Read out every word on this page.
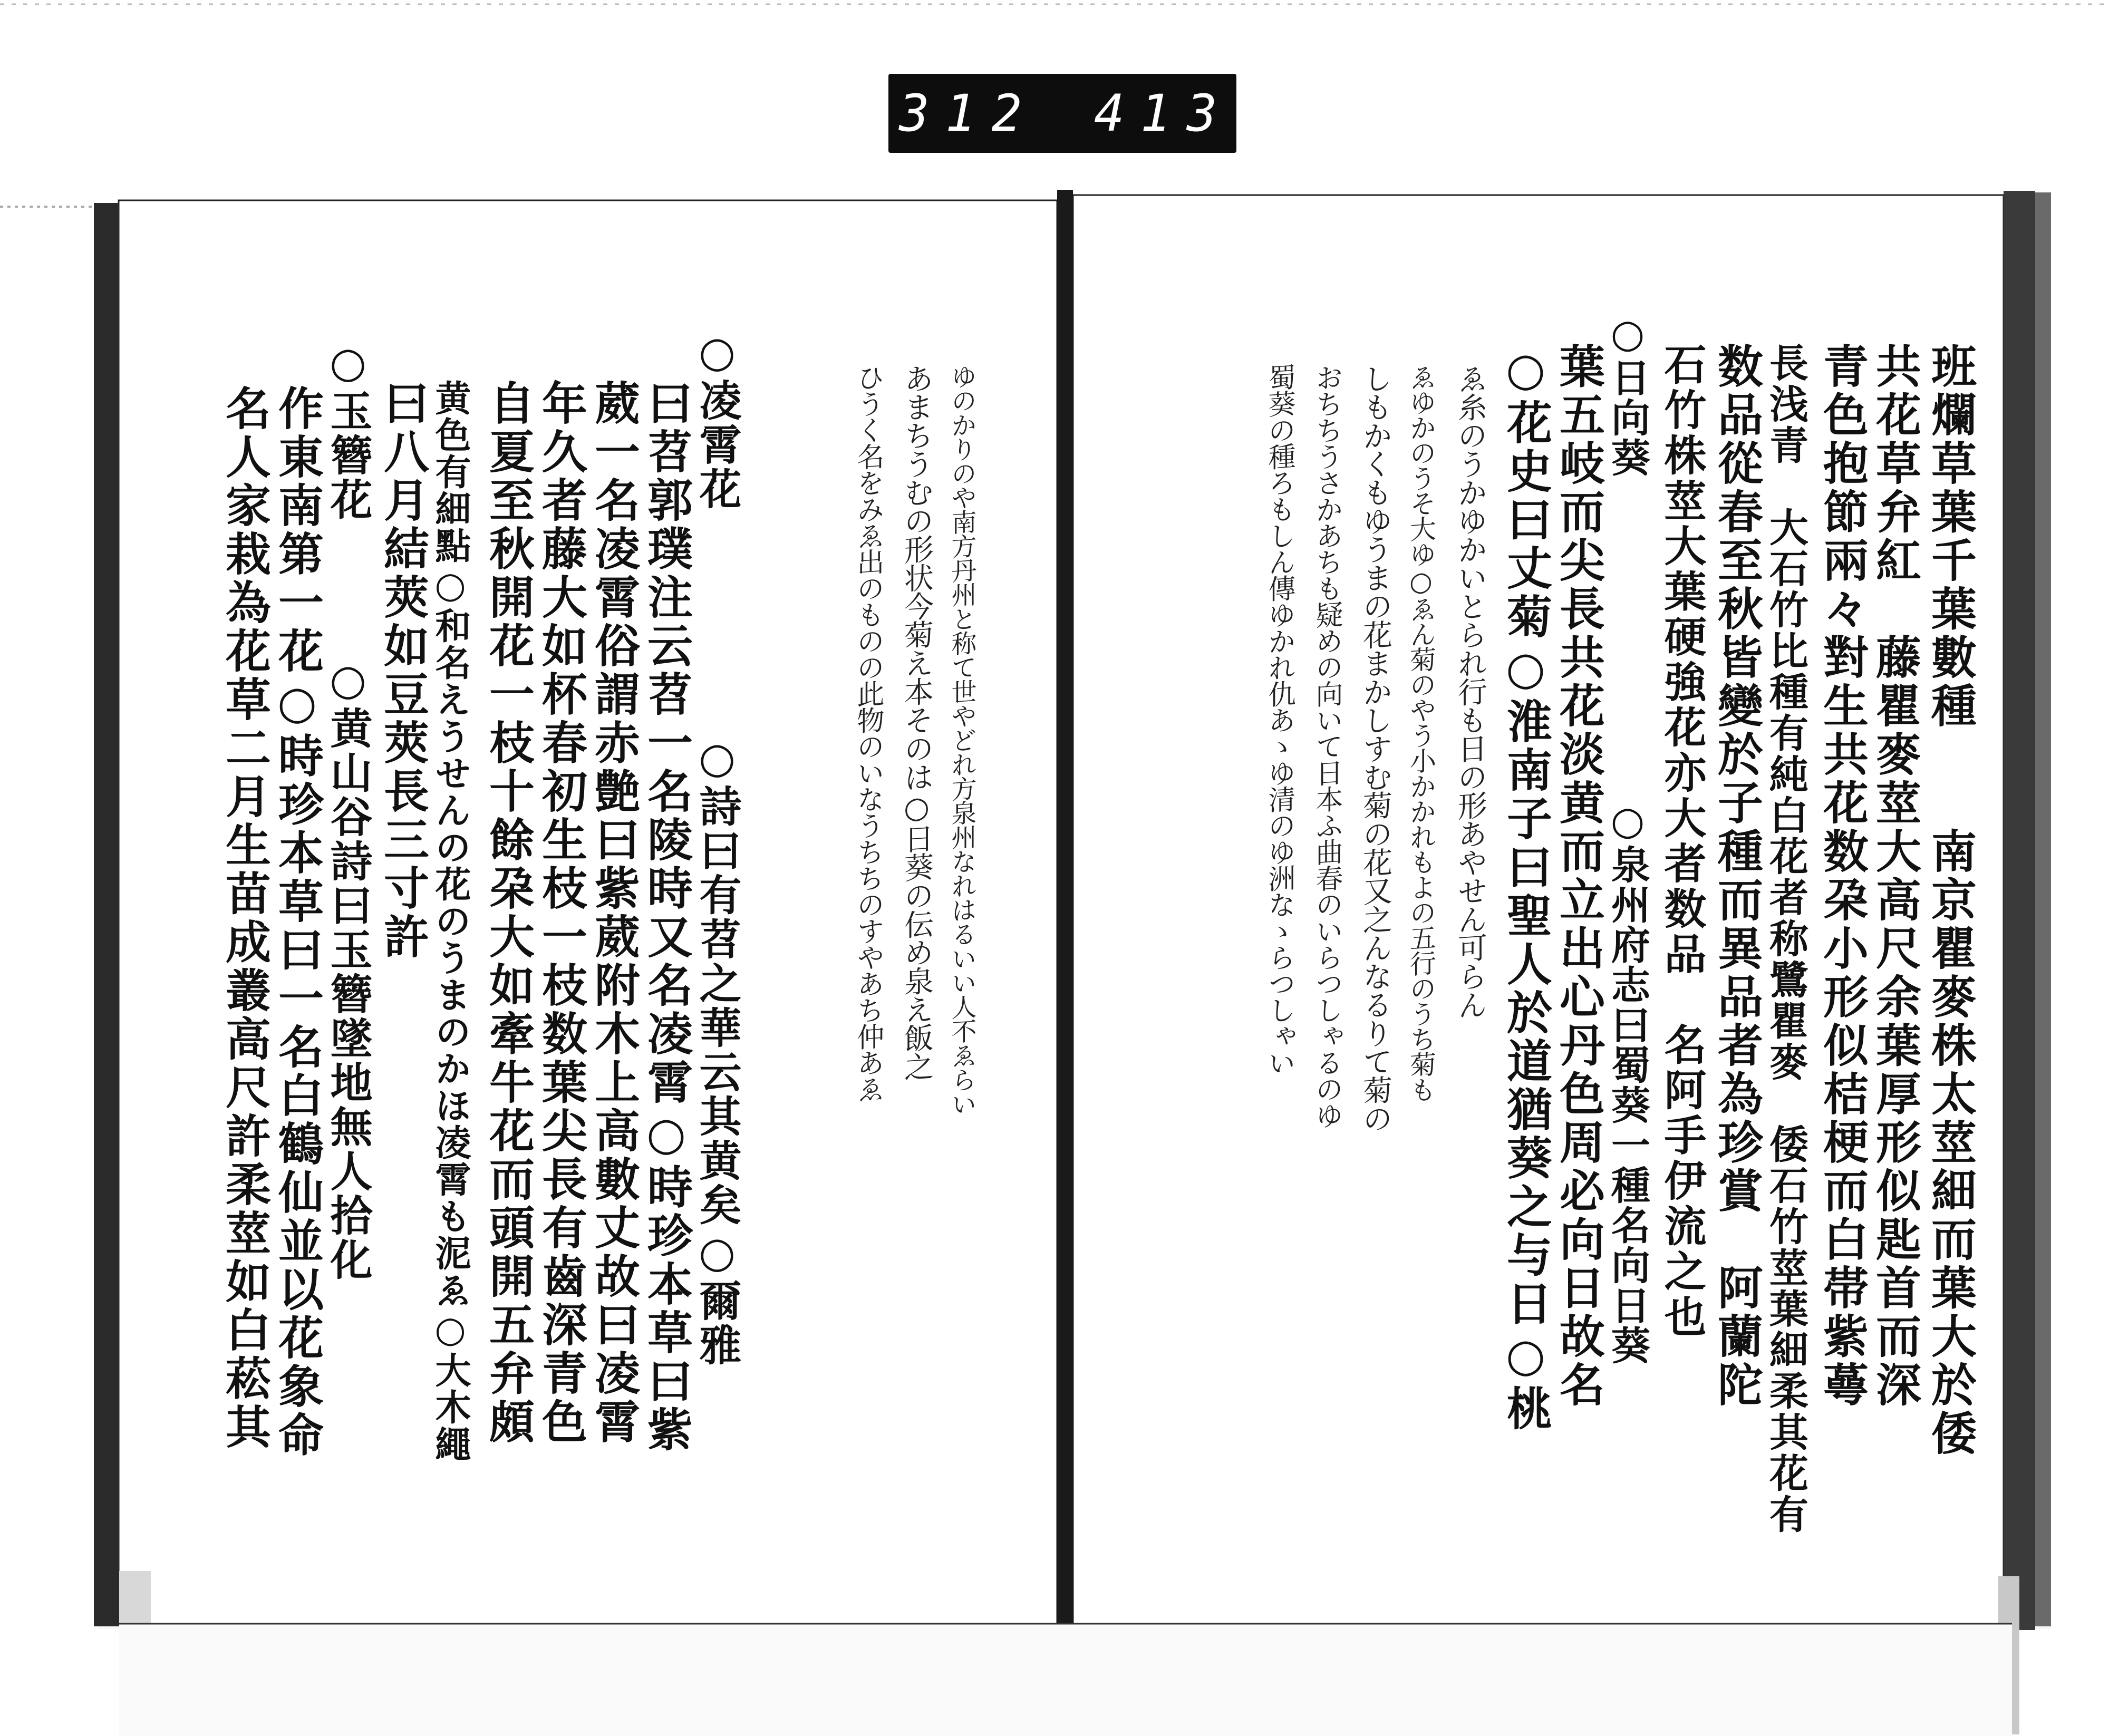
312 413.
班爛草葉千葉數種　　南京瞿麥株太莖細而葉大於倭
共花草弁紅　藤瞿麥莖大高尺余葉厚形似匙首而深
青色抱節兩々對生共花数朶小形似桔梗而白帯紫蕚
長浅青　大石竹比種有純白花者称鷺瞿麥　倭石竹莖葉細柔其花有
数品從春至秋皆變於子種而異品者為珍賞　阿蘭陀
石竹株莖大葉硬強花亦大者数品　名阿手伊流之也
○日向葵　　　　　　　　○泉州府志曰蜀葵一種名向日葵
葉五岐而尖長共花淡黄而立出心丹色周必向日故名
○花史曰丈菊○淮南子曰聖人於道猶葵之与日○桃
ゑ糸のうかゆかいとられ行も日の形あやせん可らん
ゑゆかのうそ大ゆ○ゑん菊のやう小かかれもよの五行のうち菊も
しもかくもゆうまの花まかしすむ菊の花又之んなるりて菊の
おちちうさかあちも疑めの向いて日本ふ曲春のいらつしゃるのゆ
蜀葵の種ろもしん傳ゆかれ仇あゝゆ清のゆ洲なゝらつしゃい
ゆのかりのや南方丹州と称て世やどれ方泉州なれはるいい人不ゑらい
あまちうむの形状今菊え本そのは○日葵の伝め泉え飯之
ひうく名をみゑ出のものの此物のいなうちちのすやあち仲あゑ
○凌霄花　　　　　○詩曰有苕之華云其黄矣○爾雅
曰苕郭璞注云苕一名陵時又名凌霄○時珍本草曰紫
葳一名凌霄俗謂赤艶曰紫葳附木上高數丈故曰凌霄
年久者藤大如杯春初生枝一枝数葉尖長有齒深青色
自夏至秋開花一枝十餘朶大如牽牛花而頭開五弁頗
黄色有細點○和名えうせんの花のうまのかほ凌霄も泥ゑ○大木繩
曰八月結莢如豆莢長三寸許
○玉簪花　　　○黄山谷詩曰玉簪墜地無人拾化
作東南第一花○時珍本草曰一名白鶴仙並以花象命
名人家栽為花草二月生苗成叢高尺許柔莖如白菘其
